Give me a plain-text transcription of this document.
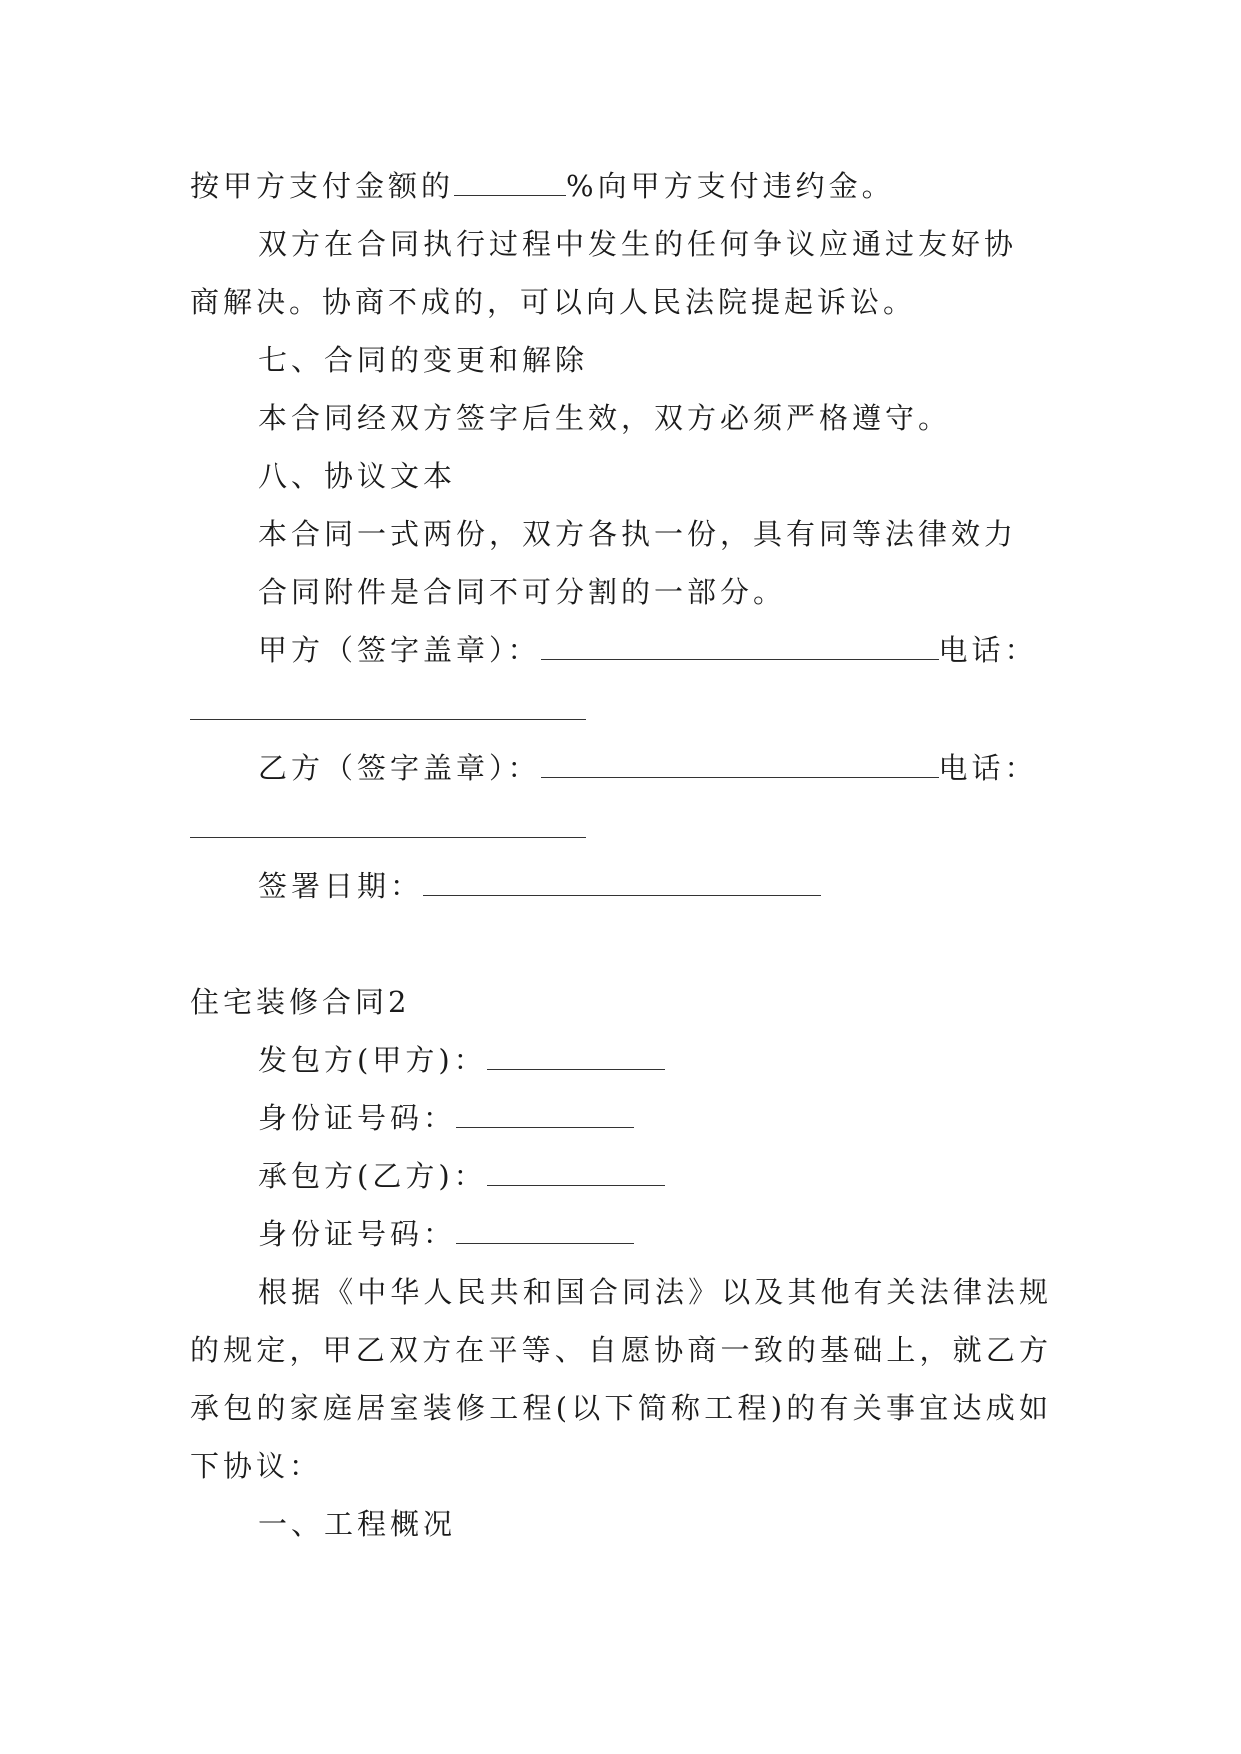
按甲方支付金额的	%向甲方支付违约金。
双方在合同执行过程中发生的任何争议应通过友好协
商解决。协商不成的，可以向人民法院提起诉讼。
七、合同的变更和解除
本合同经双方签字后生效，双方必须严格遵守。
八、协议文本
本合同一式两份，双方各执一份，具有同等法律效力
合同附件是合同不可分割的一部分。
甲方（签字盖章）：	电话：
乙方（签字盖章）：	电话：
签署日期：
住宅装修合同2
发包方(甲方)：
身份证号码：
承包方(乙方)：
身份证号码：
根据《中华人民共和国合同法》以及其他有关法律法规
的规定，甲乙双方在平等、自愿协商一致的基础上，就乙方
承包的家庭居室装修工程(以下简称工程)的有关事宜达成如
下协议：
一、工程概况
